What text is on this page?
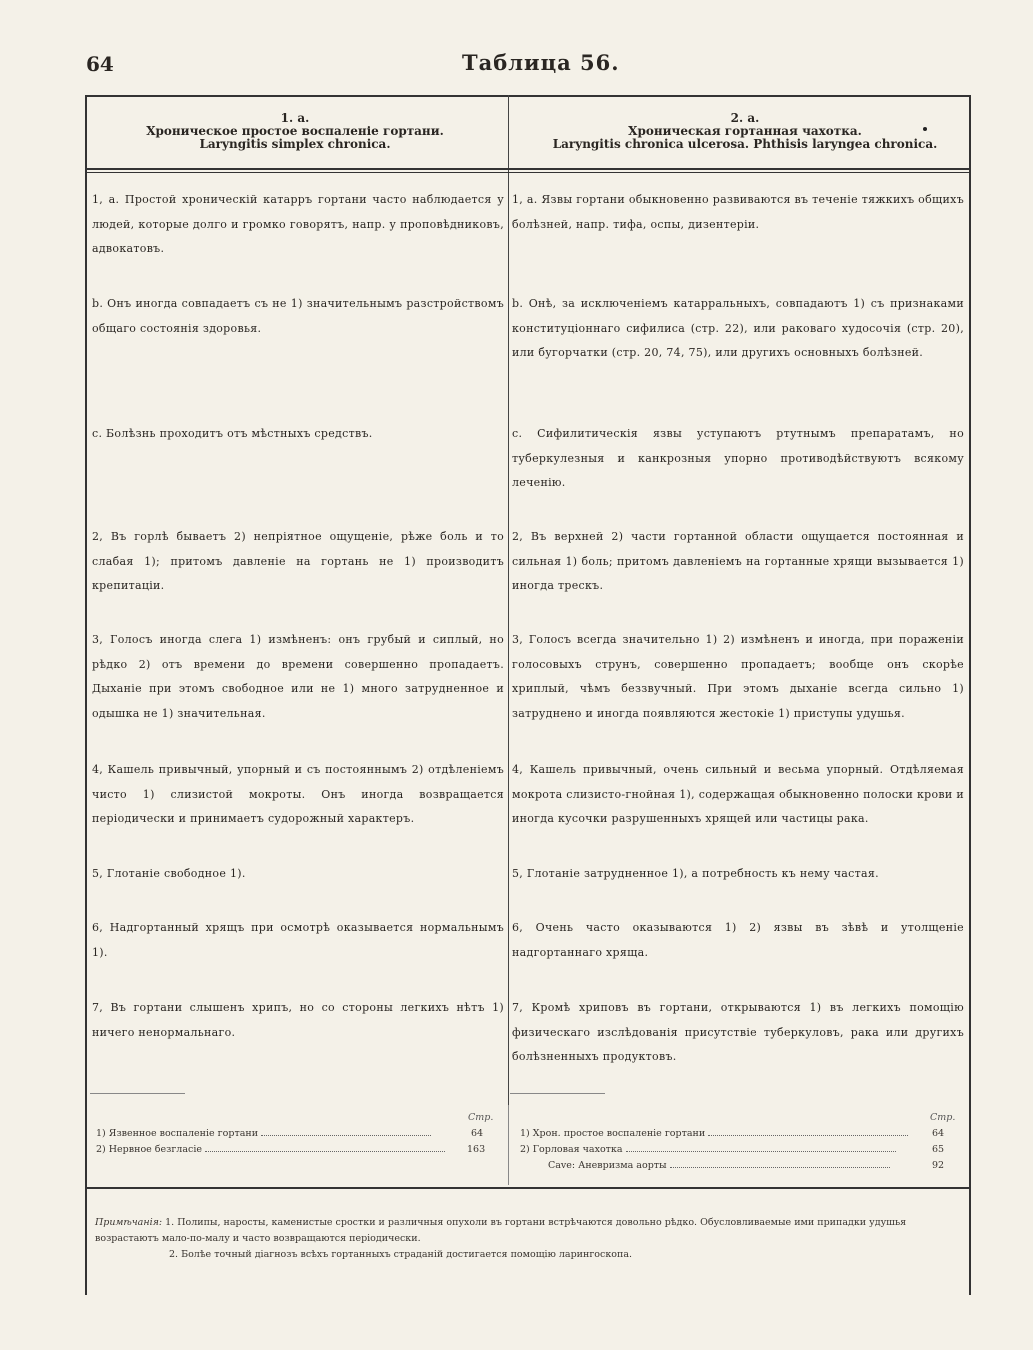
64	Таблица 56.
1. a.
Хроническое простое воспаленіе гортани.
Laryngitis simplex chronica.
2. a.
Хроническая гортанная чахотка.
Laryngitis chronica ulcerosa. Phthisis laryngea chronica.
1, a. Простой хроническій катарръ гортани часто наблюдается у людей, которые долго и громко говорятъ, напр. у проповѣдниковъ, адвокатовъ.
1, a. Язвы гортани обыкновенно развиваются въ теченіе тяжкихъ общихъ болѣзней, напр. тифа, оспы, дизентеріи.
b. Онъ иногда совпадаетъ съ не 1) значительнымъ разстройствомъ общаго состоянія здоровья.
b. Онѣ, за исключеніемъ катарральныхъ, совпадаютъ 1) съ признаками конституціоннаго сифилиса (стр. 22), или раковаго худосочія (стр. 20), или бугорчатки (стр. 20, 74, 75), или другихъ основныхъ болѣзней.
c. Болѣзнь проходитъ отъ мѣстныхъ средствъ.	c. Сифилитическія язвы уступаютъ ртутнымъ препаратамъ, но туберкулезныя и канкрозныя упорно противодѣйствуютъ всякому леченію.
2, Въ горлѣ бываетъ 2) непріятное ощущеніе, рѣже боль и то слабая 1); притомъ давленіе на гортань не 1) производитъ крепитаціи.
2, Въ верхней 2) части гортанной области ощущается постоянная и сильная 1) боль; притомъ давленіемъ на гортанные хрящи вызывается 1) иногда трескъ.
3, Голосъ иногда слега 1) измѣненъ: онъ грубый и сиплый, но рѣдко 2) отъ времени до времени совершенно пропадаетъ. Дыханіе при этомъ свободное или не 1) много затрудненное и одышка не 1) значительная.
3, Голосъ всегда значительно 1) 2) измѣненъ и иногда, при пораженіи голосовыхъ струнъ, совершенно пропадаетъ; вообще онъ скорѣе хриплый, чѣмъ беззвучный. При этомъ дыханіе всегда сильно 1) затруднено и иногда появляются жестокіе 1) приступы удушья.
4, Кашель привычный, упорный и съ постояннымъ 2) отдѣленіемъ чисто 1) слизистой мокроты. Онъ иногда возвращается періодически и принимаетъ судорожный характеръ.
4, Кашель привычный, очень сильный и весьма упорный. Отдѣляемая мокрота слизисто-гнойная 1), содержащая обыкновенно полоски крови и иногда кусочки разрушенныхъ хрящей или частицы рака.
5, Глотаніе свободное 1).	5, Глотаніе затрудненное 1), а потребность къ нему частая.
6, Надгортанный хрящъ при осмотрѣ оказывается нормальнымъ 1).
6, Очень часто оказываются 1) 2) язвы въ зѣвѣ и утолщеніе надгортаннаго хряща.
7, Въ гортани слышенъ хрипъ, но со стороны легкихъ нѣтъ 1) ничего ненормальнаго.
7, Кромѣ хриповъ въ гортани, открываются 1) въ легкихъ помощію физическаго изслѣдованія присутствіе туберкуловъ, рака или другихъ болѣзненныхъ продуктовъ.
Стр.	Стр.
1) Язвенное воспаленіе гортани	64
2) Нервное безгласіе	163
1) Хрон. простое воспаленіе гортани	64
2) Горловая чахотка	65
Cave: Аневризма аорты	92
Примѣчанія: 1. Полипы, наросты, каменистые сростки и различныя опухоли въ гортани встрѣчаются довольно рѣдко. Обусловливаемые ими припадки удушья возрастаютъ мало-по-малу и часто возвращаются періодически.
2. Болѣе точный діагнозъ всѣхъ гортанныхъ страданій достигается помощію ларингоскопа.
